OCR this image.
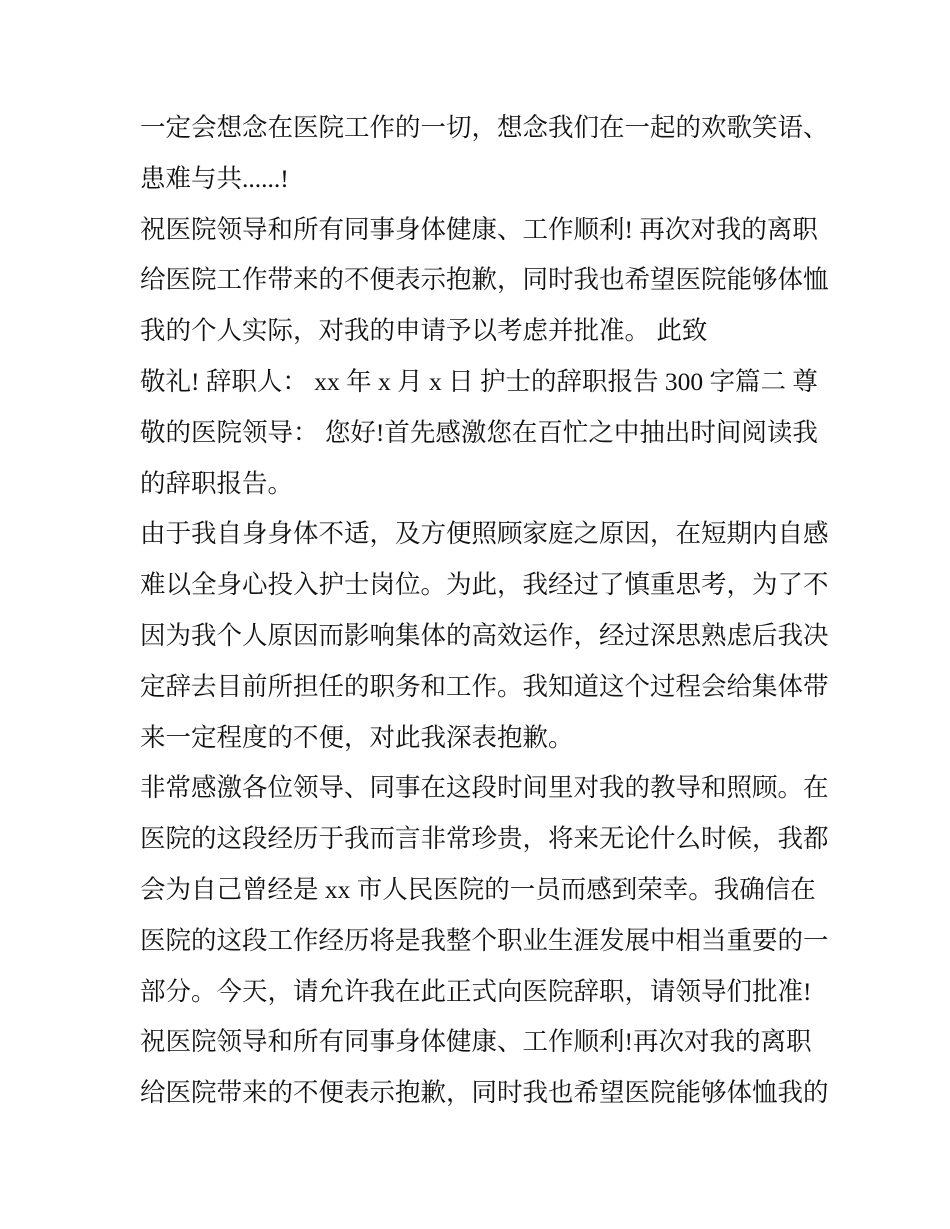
一定会想念在医院工作的一切，想念我们在一起的欢歌笑语、
患难与共......!
祝医院领导和所有同事身体健康、工作顺利! 再次对我的离职
给医院工作带来的不便表示抱歉，同时我也希望医院能够体恤
我的个人实际，对我的申请予以考虑并批准。 此致
敬礼! 辞职人： xx 年 x 月 x 日 护士的辞职报告 300 字篇二 尊
敬的医院领导： 您好!首先感激您在百忙之中抽出时间阅读我
的辞职报告。
由于我自身身体不适，及方便照顾家庭之原因，在短期内自感
难以全身心投入护士岗位。为此，我经过了慎重思考，为了不
因为我个人原因而影响集体的高效运作，经过深思熟虑后我决
定辞去目前所担任的职务和工作。我知道这个过程会给集体带
来一定程度的不便，对此我深表抱歉。
非常感激各位领导、同事在这段时间里对我的教导和照顾。在
医院的这段经历于我而言非常珍贵，将来无论什么时候，我都
会为自己曾经是 xx 市人民医院的一员而感到荣幸。我确信在
医院的这段工作经历将是我整个职业生涯发展中相当重要的一
部分。今天，请允许我在此正式向医院辞职，请领导们批准!
祝医院领导和所有同事身体健康、工作顺利!再次对我的离职
给医院带来的不便表示抱歉，同时我也希望医院能够体恤我的
